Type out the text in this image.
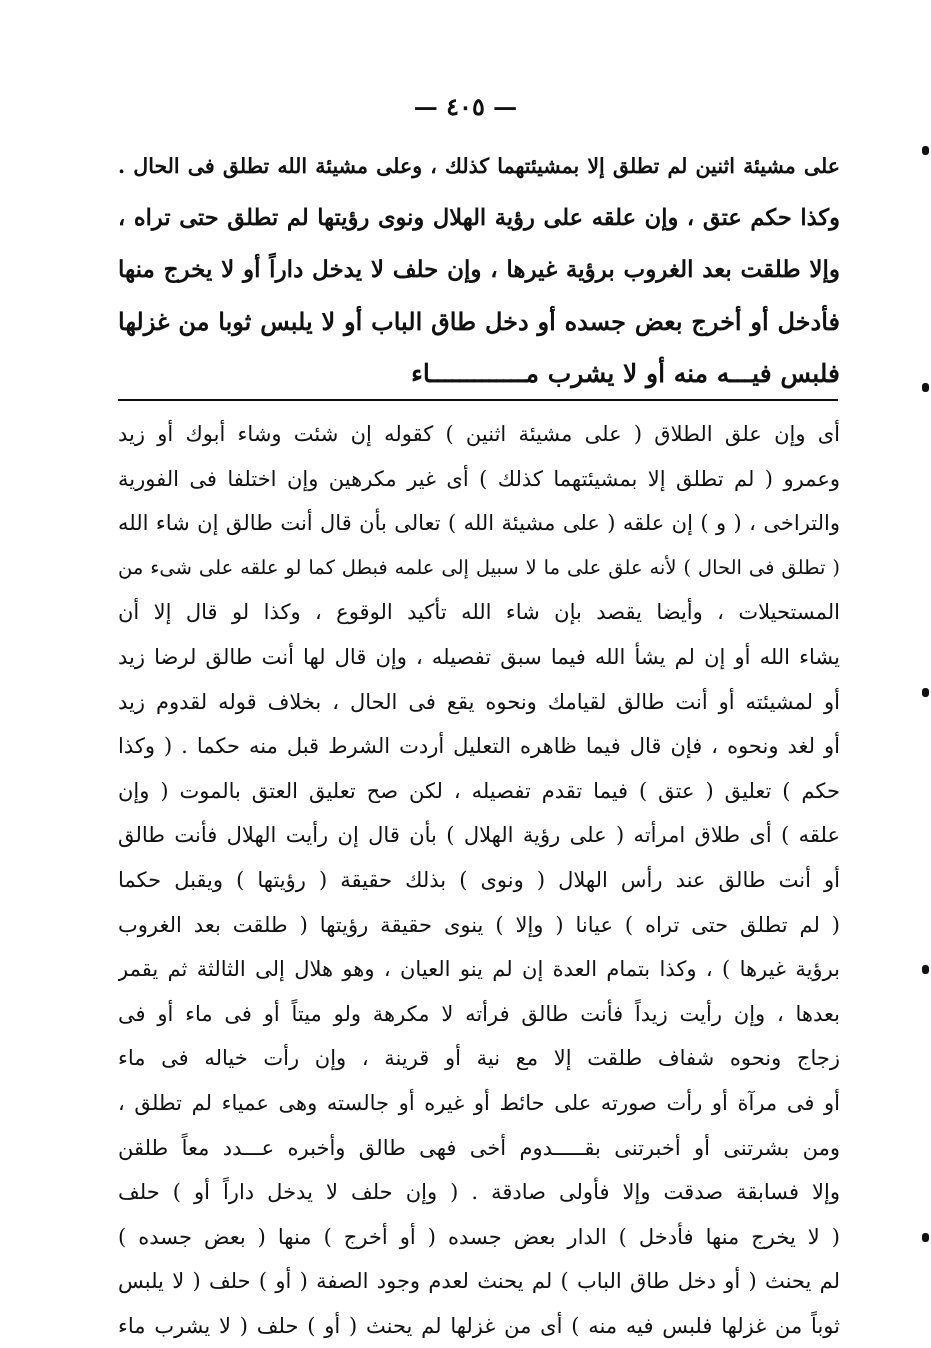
— ٤٠٥ —
على مشيئة اثنين لم تطلق إلا بمشيئتهما كذلك ، وعلى مشيئة الله تطلق فى الحال .
وكذا حكم عتق ، وإن علقه على رؤية الهلال ونوى رؤيتها لم تطلق حتى تراه ،
وإلا طلقت بعد الغروب برؤية غيرها ، وإن حلف لا يدخل داراً أو لا يخرج منها
فأدخل أو أخرج بعض جسده أو دخل طاق الباب أو لا يلبس ثوبا من غزلها
فلبس فيـــه منه أو لا يشرب مـــــــــــــاء
أى وإن علق الطلاق ( على مشيئة اثنين ) كقوله إن شئت وشاء أبوك أو زيد
وعمرو ( لم تطلق إلا بمشيئتهما كذلك ) أى غير مكرهين وإن اختلفا فى الفورية
والتراخى ، ( و ) إن علقه ( على مشيئة الله ) تعالى بأن قال أنت طالق إن شاء الله
( تطلق فى الحال ) لأنه علق على ما لا سبيل إلى علمه فبطل كما لو علقه على شىء من
المستحيلات ، وأيضا يقصد بإن شاء الله تأكيد الوقوع ، وكذا لو قال إلا أن
يشاء الله أو إن لم يشأ الله فيما سبق تفصيله ، وإن قال لها أنت طالق لرضا زيد
أو لمشيئته أو أنت طالق لقيامك ونحوه يقع فى الحال ، بخلاف قوله لقدوم زيد
أو لغد ونحوه ، فإن قال فيما ظاهره التعليل أردت الشرط قبل منه حكما . ( وكذا
حكم ) تعليق ( عتق ) فيما تقدم تفصيله ، لكن صح تعليق العتق بالموت ( وإن
علقه ) أى طلاق امرأته ( على رؤية الهلال ) بأن قال إن رأيت الهلال فأنت طالق
أو أنت طالق عند رأس الهلال ( ونوى ) بذلك حقيقة ( رؤيتها ) ويقبل حكما
( لم تطلق حتى تراه ) عيانا ( وإلا ) ينوى حقيقة رؤيتها ( طلقت بعد الغروب
برؤية غيرها ) ، وكذا بتمام العدة إن لم ينو العيان ، وهو هلال إلى الثالثة ثم يقمر
بعدها ، وإن رأيت زيداً فأنت طالق فرأته لا مكرهة ولو ميتاً أو فى ماء أو فى
زجاج ونحوه شفاف طلقت إلا مع نية أو قرينة ، وإن رأت خياله فى ماء
أو فى مرآة أو رأت صورته على حائط أو غيره أو جالسته وهى عمياء لم تطلق ،
ومن بشرتنى أو أخبرتنى بقـــــدوم أخى فهى طالق وأخبره عـــدد معاً طلقن
وإلا فسابقة صدقت وإلا فأولى صادقة . ( وإن حلف لا يدخل داراً أو ) حلف
( لا يخرج منها فأدخل ) الدار بعض جسده ( أو أخرج ) منها ( بعض جسده )
لم يحنث ( أو دخل طاق الباب ) لم يحنث لعدم وجود الصفة ( أو ) حلف ( لا يلبس
ثوباً من غزلها فلبس فيه منه ) أى من غزلها لم يحنث ( أو ) حلف ( لا يشرب ماء
